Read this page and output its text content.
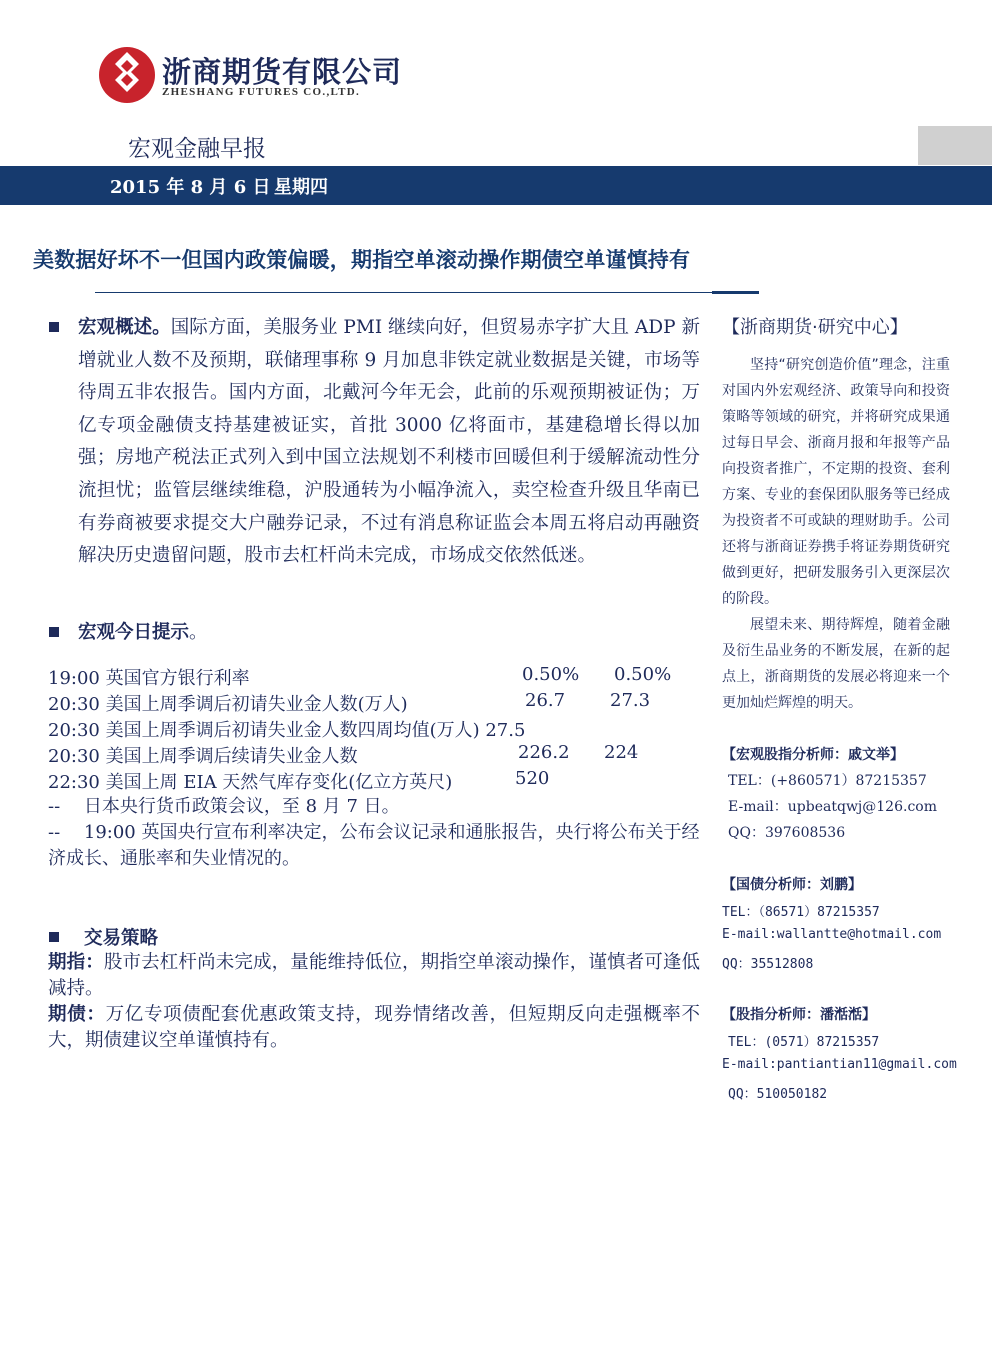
浙商期货有限公司
ZHESHANG FUTURES CO.,LTD.
宏观金融早报
2015 年 8 月 6 日 星期四
美数据好坏不一但国内政策偏暖，期指空单滚动操作期债空单谨慎持有
宏观概述。国际方面，美服务业 PMI 继续向好，但贸易赤字扩大且 ADP 新增就业人数不及预期，联储理事称 9 月加息非铁定就业数据是关键，市场等待周五非农报告。国内方面，北戴河今年无会，此前的乐观预期被证伪；万亿专项金融债支持基建被证实，首批 3000 亿将面市，基建稳增长得以加强；房地产税法正式列入到中国立法规划不利楼市回暖但利于缓解流动性分流担忧；监管层继续维稳，沪股通转为小幅净流入，卖空检查升级且华南已有券商被要求提交大户融券记录，不过有消息称证监会本周五将启动再融资解决历史遗留问题，股市去杠杆尚未完成，市场成交依然低迷。
宏观今日提示。
19:00 英国官方银行利率	0.50% 0.50%
20:30 美国上周季调后初请失业金人数(万人)	26.7 27.3
20:30 美国上周季调后初请失业金人数四周均值(万人) 27.5
20:30 美国上周季调后续请失业金人数	226.2 224
22:30 美国上周 EIA 天然气库存变化(亿立方英尺)	520
--　 日本央行货币政策会议，至 8 月 7 日。
--　 19:00 英国央行宣布利率决定，公布会议记录和通胀报告，央行将公布关于经济成长、通胀率和失业情况的。
交易策略
期指：股市去杠杆尚未完成，量能维持低位，期指空单滚动操作，谨慎者可逢低减持。
期债：万亿专项债配套优惠政策支持，现券情绪改善，但短期反向走强概率不大，期债建议空单谨慎持有。
【浙商期货·研究中心】
坚持“研究创造价值”理念，注重对国内外宏观经济、政策导向和投资策略等领域的研究，并将研究成果通过每日早会、浙商月报和年报等产品向投资者推广，不定期的投资、套利方案、专业的套保团队服务等已经成为投资者不可或缺的理财助手。公司还将与浙商证券携手将证券期货研究做到更好，把研发服务引入更深层次的阶段。
展望未来、期待辉煌，随着金融及衍生品业务的不断发展，在新的起点上，浙商期货的发展必将迎来一个更加灿烂辉煌的明天。
【宏观股指分析师：戚文举】
TEL：(+860571）87215357
E-mail：upbeatqwj@126.com
QQ：397608536
【国债分析师：刘鹏】
TEL：（86571）87215357
E-mail:wallantte@hotmail.com
QQ：35512808
【股指分析师：潘湉湉】
TEL：(0571）87215357
E-mail:pantiantian11@gmail.com
QQ：510050182
